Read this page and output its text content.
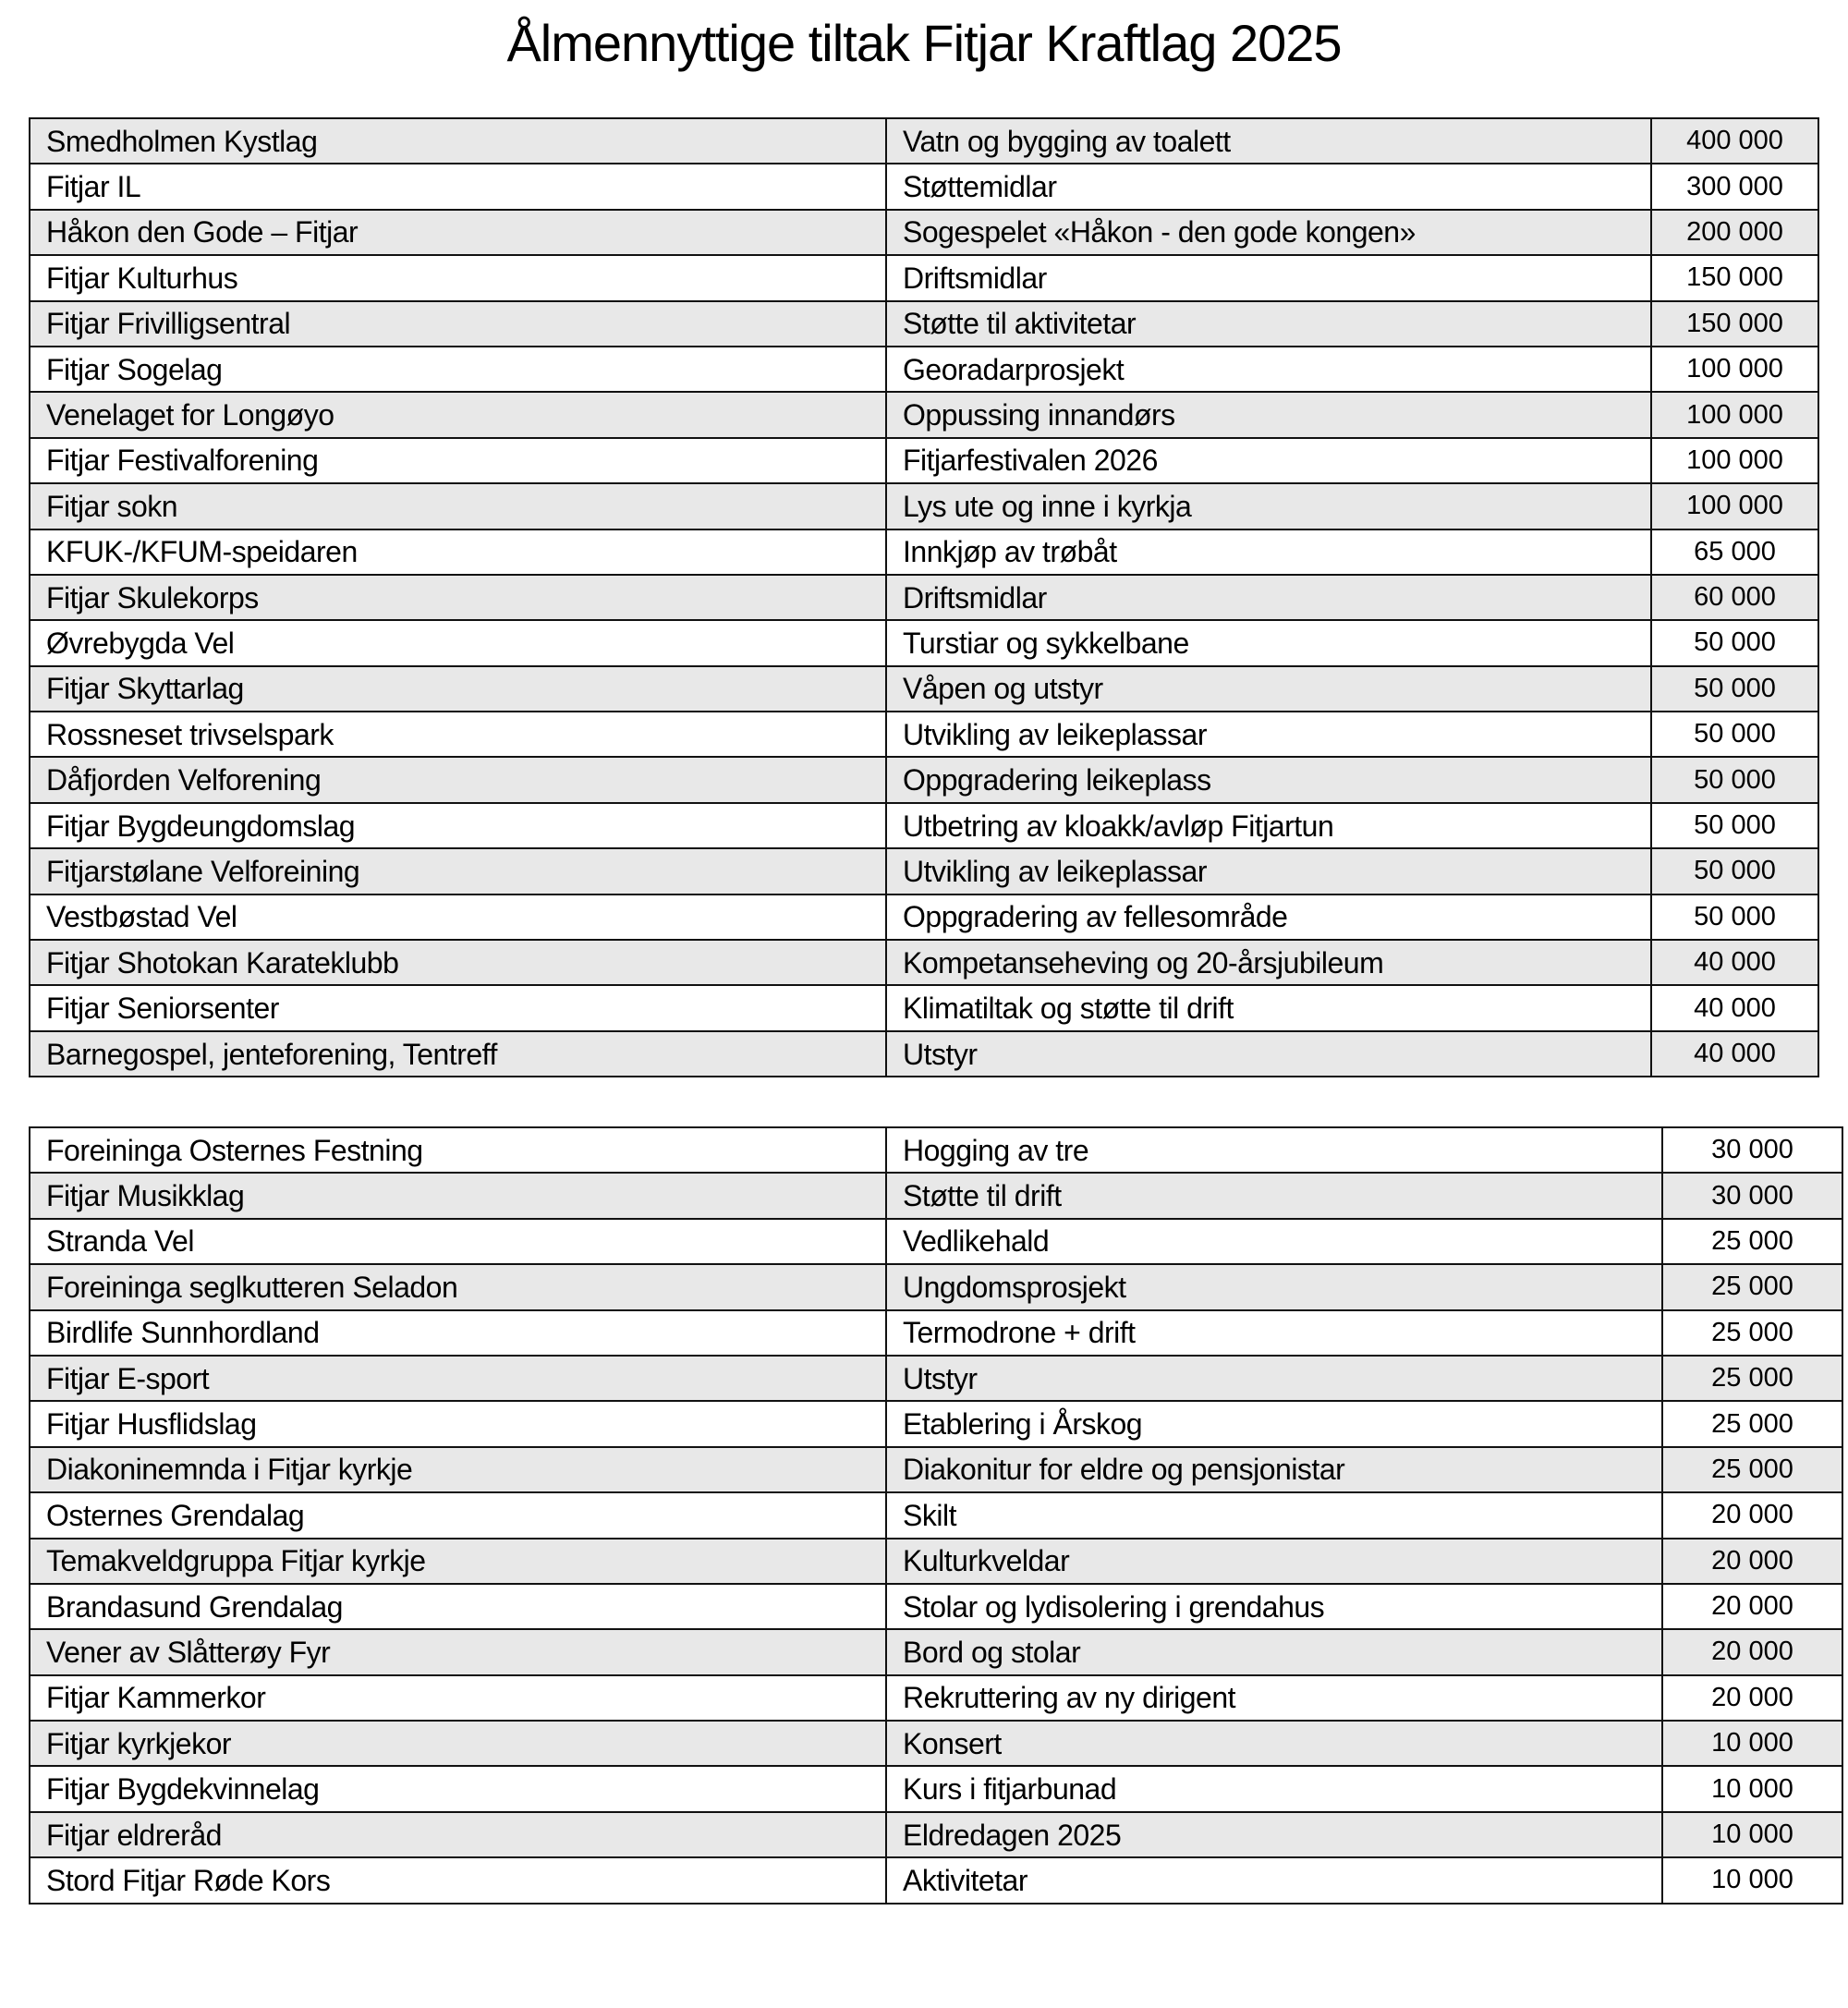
Ålmennyttige tiltak Fitjar Kraftlag 2025
Smedholmen Kystlag	Vatn og bygging av toalett	400 000
Fitjar IL	Støttemidlar	300 000
Håkon den Gode – Fitjar	Sogespelet «Håkon - den gode kongen»	200 000
Fitjar Kulturhus	Driftsmidlar	150 000
Fitjar Frivilligsentral	Støtte til aktivitetar	150 000
Fitjar Sogelag	Georadarprosjekt	100 000
Venelaget for Longøyo	Oppussing innandørs	100 000
Fitjar Festivalforening	Fitjarfestivalen 2026	100 000
Fitjar sokn	Lys ute og inne i kyrkja	100 000
KFUK-/KFUM-speidaren	Innkjøp av trøbåt	65 000
Fitjar Skulekorps	Driftsmidlar	60 000
Øvrebygda Vel	Turstiar og sykkelbane	50 000
Fitjar Skyttarlag	Våpen og utstyr	50 000
Rossneset trivselspark	Utvikling av leikeplassar	50 000
Dåfjorden Velforening	Oppgradering leikeplass	50 000
Fitjar Bygdeungdomslag	Utbetring av kloakk/avløp Fitjartun	50 000
Fitjarstølane Velforeining	Utvikling av leikeplassar	50 000
Vestbøstad Vel	Oppgradering av fellesområde	50 000
Fitjar Shotokan Karateklubb	Kompetanseheving og 20-årsjubileum	40 000
Fitjar Seniorsenter	Klimatiltak og støtte til drift	40 000
Barnegospel, jenteforening, Tentreff	Utstyr	40 000
Foreininga Osternes Festning	Hogging av tre	30 000
Fitjar Musikklag	Støtte til drift	30 000
Stranda Vel	Vedlikehald	25 000
Foreininga seglkutteren Seladon	Ungdomsprosjekt	25 000
Birdlife Sunnhordland	Termodrone + drift	25 000
Fitjar E-sport	Utstyr	25 000
Fitjar Husflidslag	Etablering i Årskog	25 000
Diakoninemnda i Fitjar kyrkje	Diakonitur for eldre og pensjonistar	25 000
Osternes Grendalag	Skilt	20 000
Temakveldgruppa Fitjar kyrkje	Kulturkveldar	20 000
Brandasund Grendalag	Stolar og lydisolering i grendahus	20 000
Vener av Slåtterøy Fyr	Bord og stolar	20 000
Fitjar Kammerkor	Rekruttering av ny dirigent	20 000
Fitjar kyrkjekor	Konsert	10 000
Fitjar Bygdekvinnelag	Kurs i fitjarbunad	10 000
Fitjar eldreråd	Eldredagen 2025	10 000
Stord Fitjar Røde Kors	Aktivitetar	10 000
